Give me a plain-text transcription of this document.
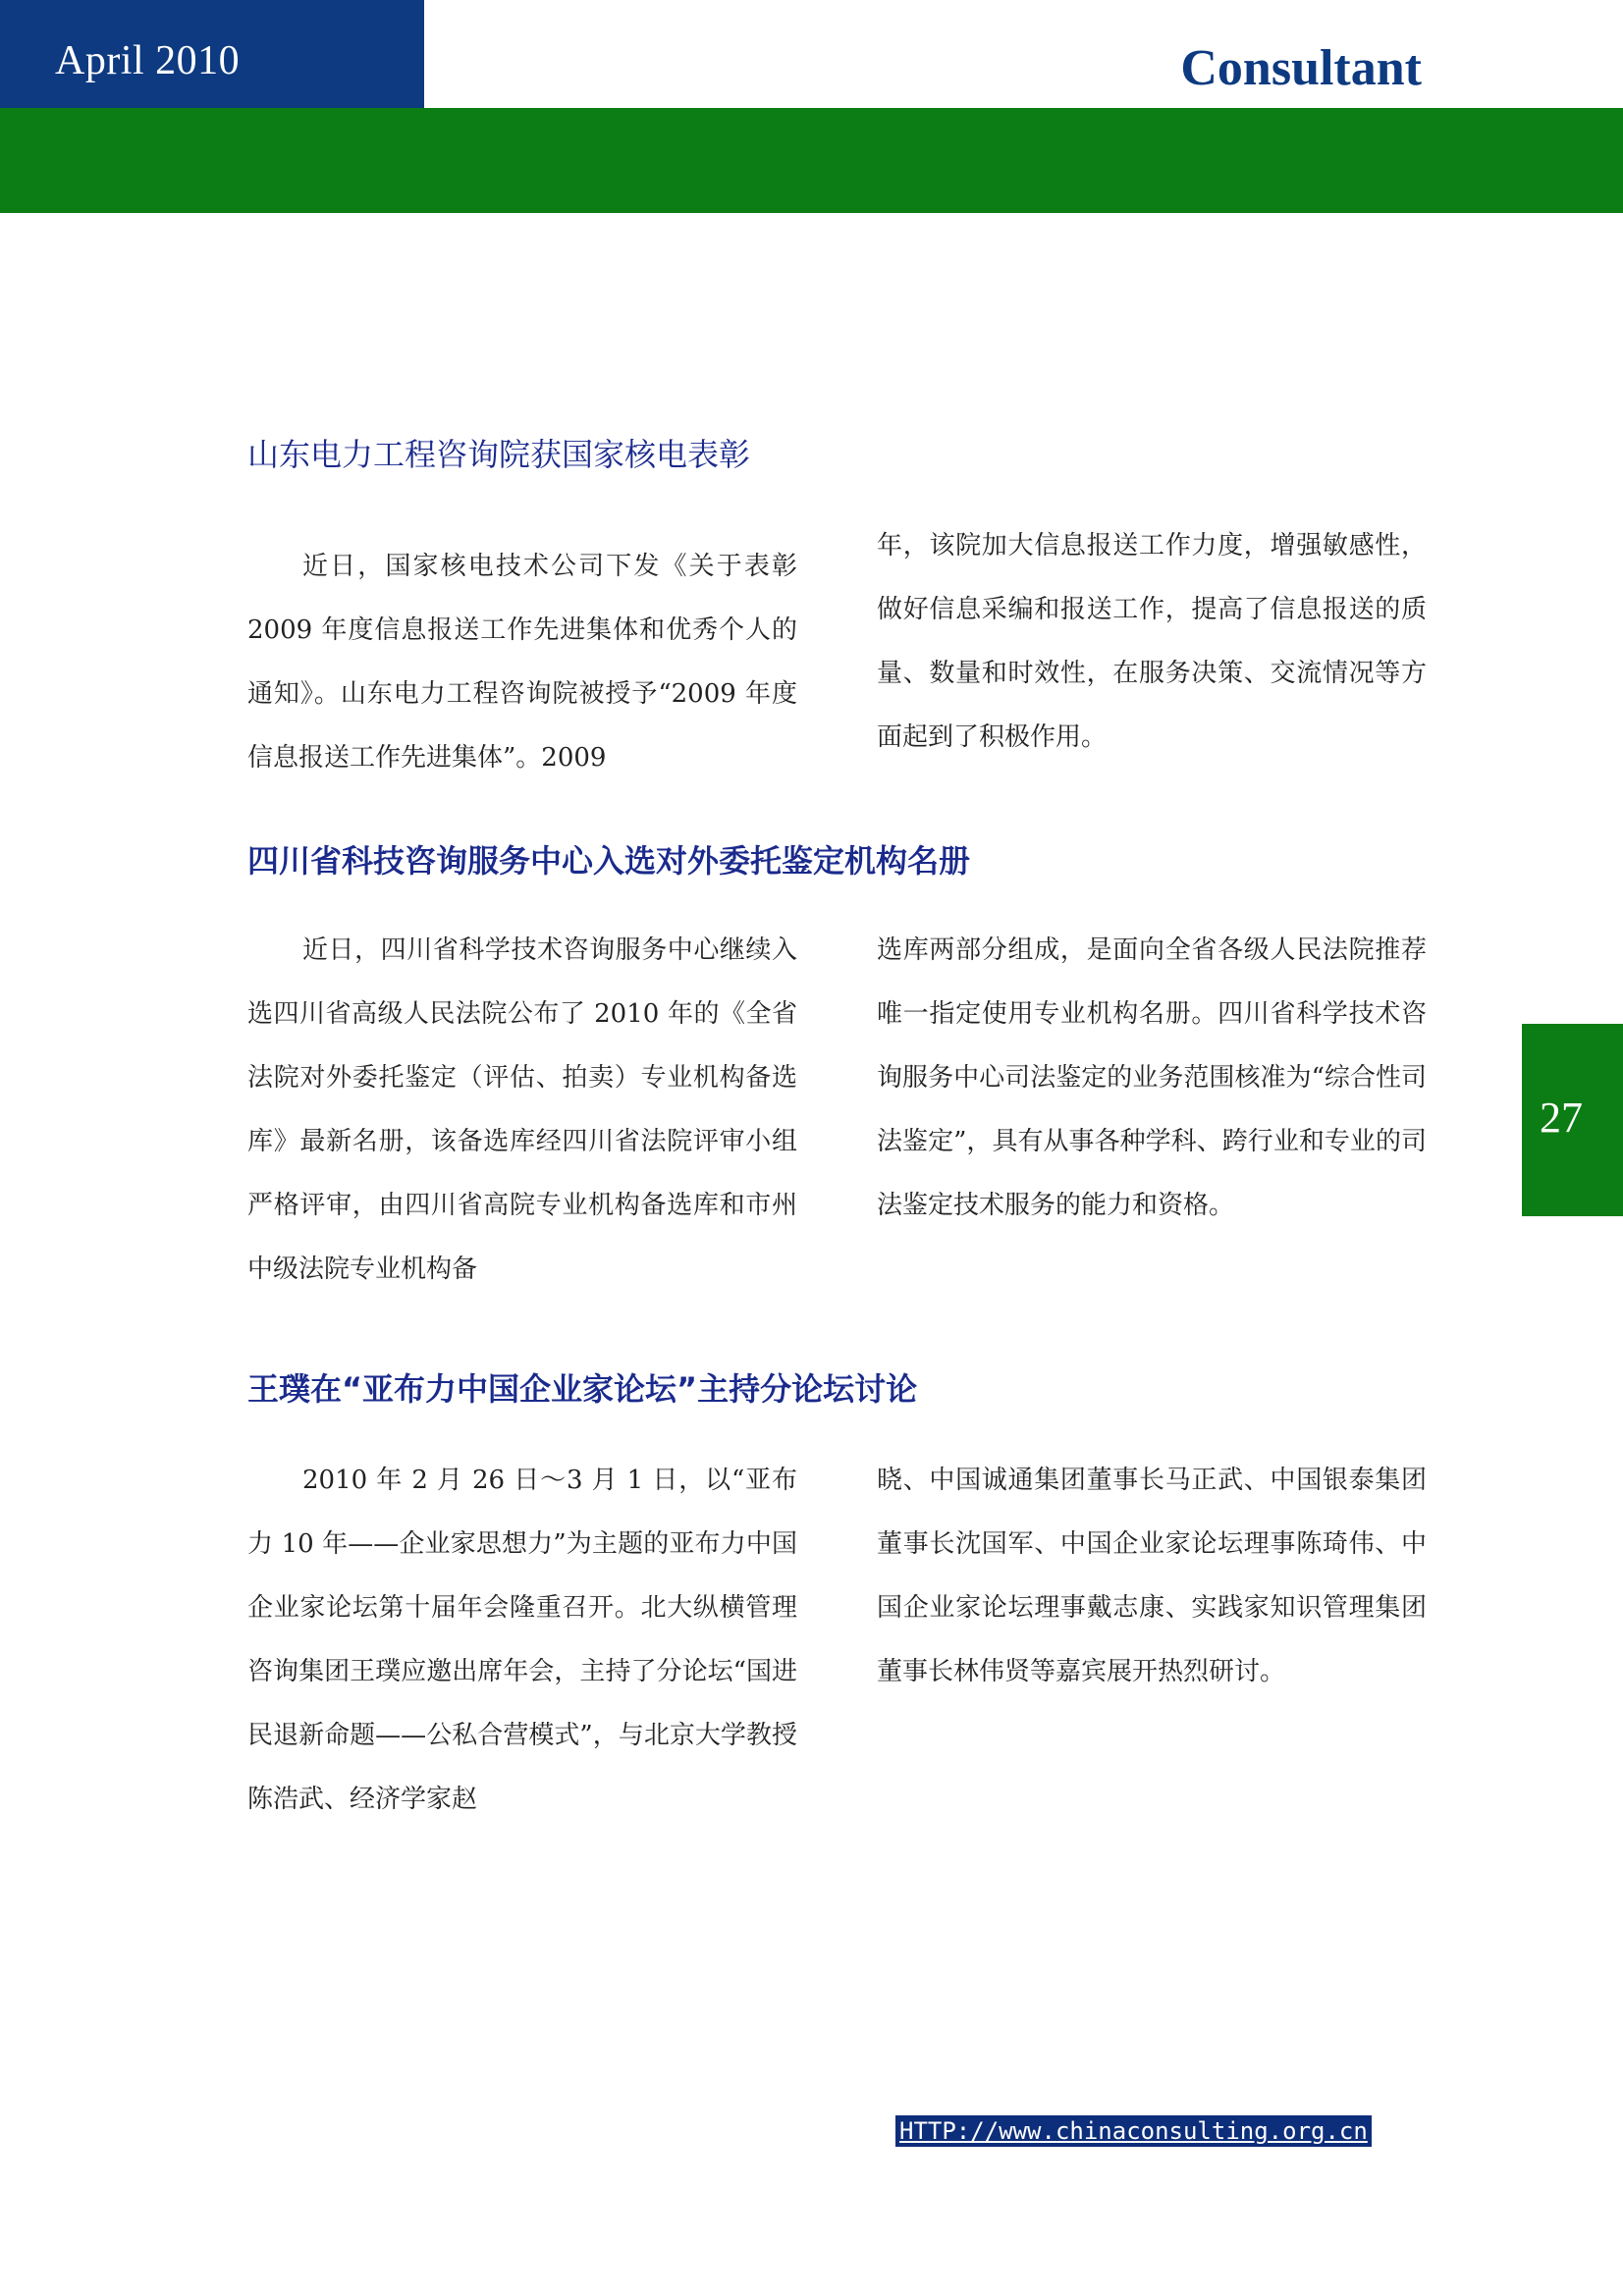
April 2010	Consultant
27
山东电力工程咨询院获国家核电表彰

近日，国家核电技术公司下发《关于表彰 2009 年度信息报送工作先进集体和优秀个人的通知》。山东电力工程咨询院被授予“2009 年度信息报送工作先进集体”。2009

年，该院加大信息报送工作力度，增强敏感性，做好信息采编和报送工作，提高了信息报送的质量、数量和时效性，在服务决策、交流情况等方面起到了积极作用。

四川省科技咨询服务中心入选对外委托鉴定机构名册

近日，四川省科学技术咨询服务中心继续入选四川省高级人民法院公布了 2010 年的《全省法院对外委托鉴定（评估、拍卖）专业机构备选库》最新名册，该备选库经四川省法院评审小组严格评审，由四川省高院专业机构备选库和市州中级法院专业机构备

选库两部分组成，是面向全省各级人民法院推荐唯一指定使用专业机构名册。四川省科学技术咨询服务中心司法鉴定的业务范围核准为“综合性司法鉴定”，具有从事各种学科、跨行业和专业的司法鉴定技术服务的能力和资格。

王璞在“亚布力中国企业家论坛”主持分论坛讨论

2010 年 2 月 26 日～3 月 1 日，以“亚布力 10 年——企业家思想力”为主题的亚布力中国企业家论坛第十届年会隆重召开。北大纵横管理咨询集团王璞应邀出席年会，主持了分论坛“国进民退新命题——公私合营模式”，与北京大学教授陈浩武、经济学家赵

晓、中国诚通集团董事长马正武、中国银泰集团董事长沈国军、中国企业家论坛理事陈琦伟、中国企业家论坛理事戴志康、实践家知识管理集团董事长林伟贤等嘉宾展开热烈研讨。

HTTP://www.chinaconsulting.org.cn
